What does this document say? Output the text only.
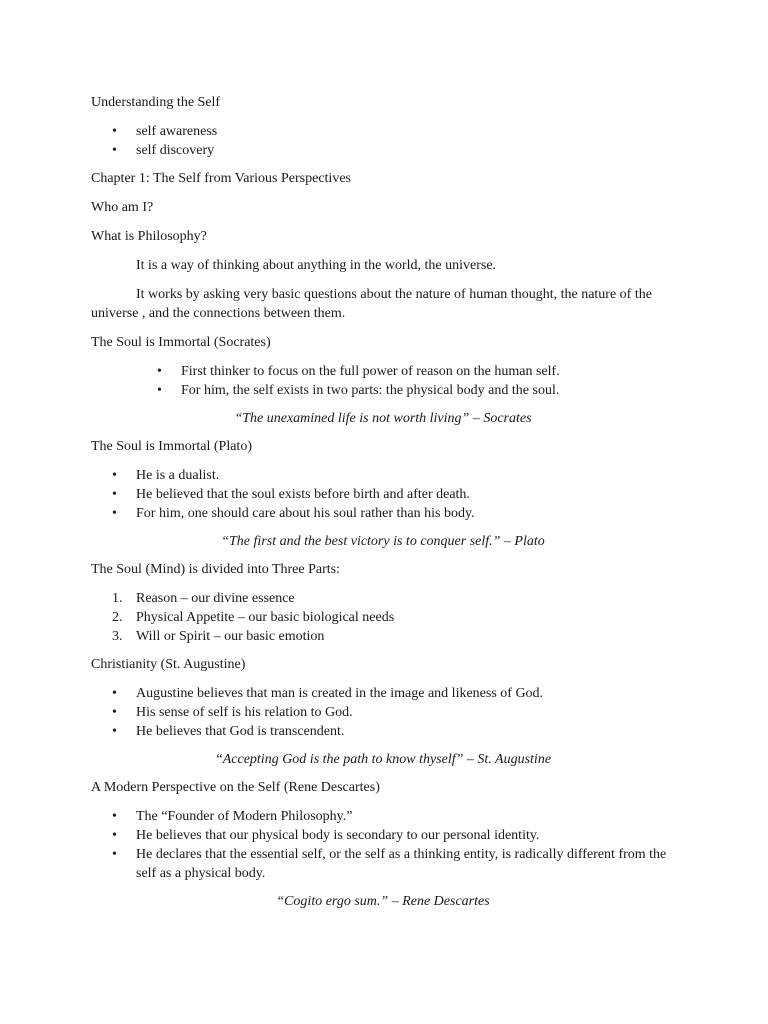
Understanding the Self

• self awareness
• self discovery

Chapter 1: The Self from Various Perspectives

Who am I?

What is Philosophy?

It is a way of thinking about anything in the world, the universe.

It works by asking very basic questions about the nature of human thought, the nature of the universe , and the connections between them.

The Soul is Immortal (Socrates)

• First thinker to focus on the full power of reason on the human self.
• For him, the self exists in two parts: the physical body and the soul.

“The unexamined life is not worth living” – Socrates

The Soul is Immortal (Plato)

• He is a dualist.
• He believed that the soul exists before birth and after death.
• For him, one should care about his soul rather than his body.

“The first and the best victory is to conquer self.” – Plato

The Soul (Mind) is divided into Three Parts:

1. Reason – our divine essence
2. Physical Appetite – our basic biological needs
3. Will or Spirit – our basic emotion

Christianity (St. Augustine)

• Augustine believes that man is created in the image and likeness of God.
• His sense of self is his relation to God.
• He believes that God is transcendent.

“Accepting God is the path to know thyself” – St. Augustine

A Modern Perspective on the Self (Rene Descartes)

• The “Founder of Modern Philosophy.”
• He believes that our physical body is secondary to our personal identity.
• He declares that the essential self, or the self as a thinking entity, is radically different from the self as a physical body.

“Cogito ergo sum.” – Rene Descartes
